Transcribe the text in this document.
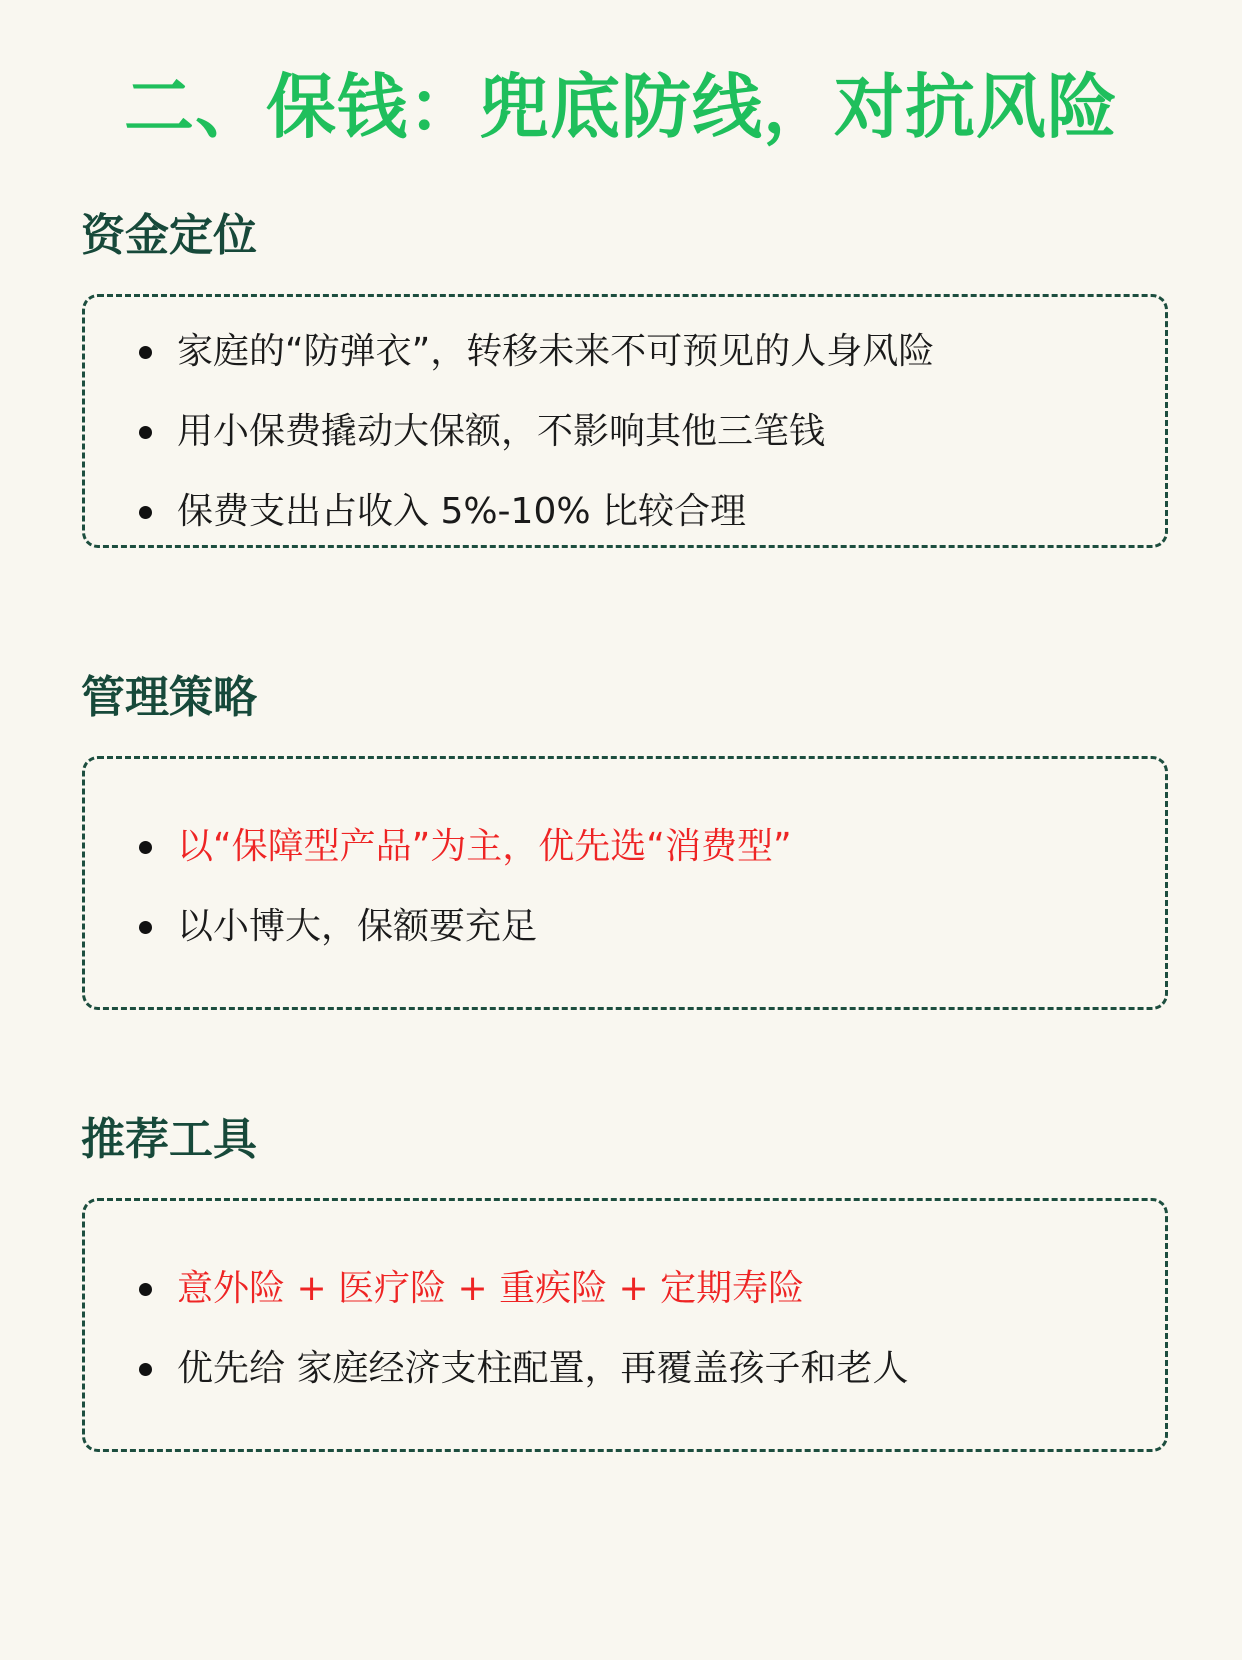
二、保钱：兜底防线，对抗风险
资金定位
家庭的“防弹衣”，转移未来不可预见的人身风险
用小保费撬动大保额，不影响其他三笔钱
保费支出占收入 5%-10% 比较合理
管理策略
以“保障型产品”为主，优先选“消费型”
以小博大，保额要充足
推荐工具
意外险 + 医疗险 + 重疾险 + 定期寿险
优先给 家庭经济支柱配置，再覆盖孩子和老人
